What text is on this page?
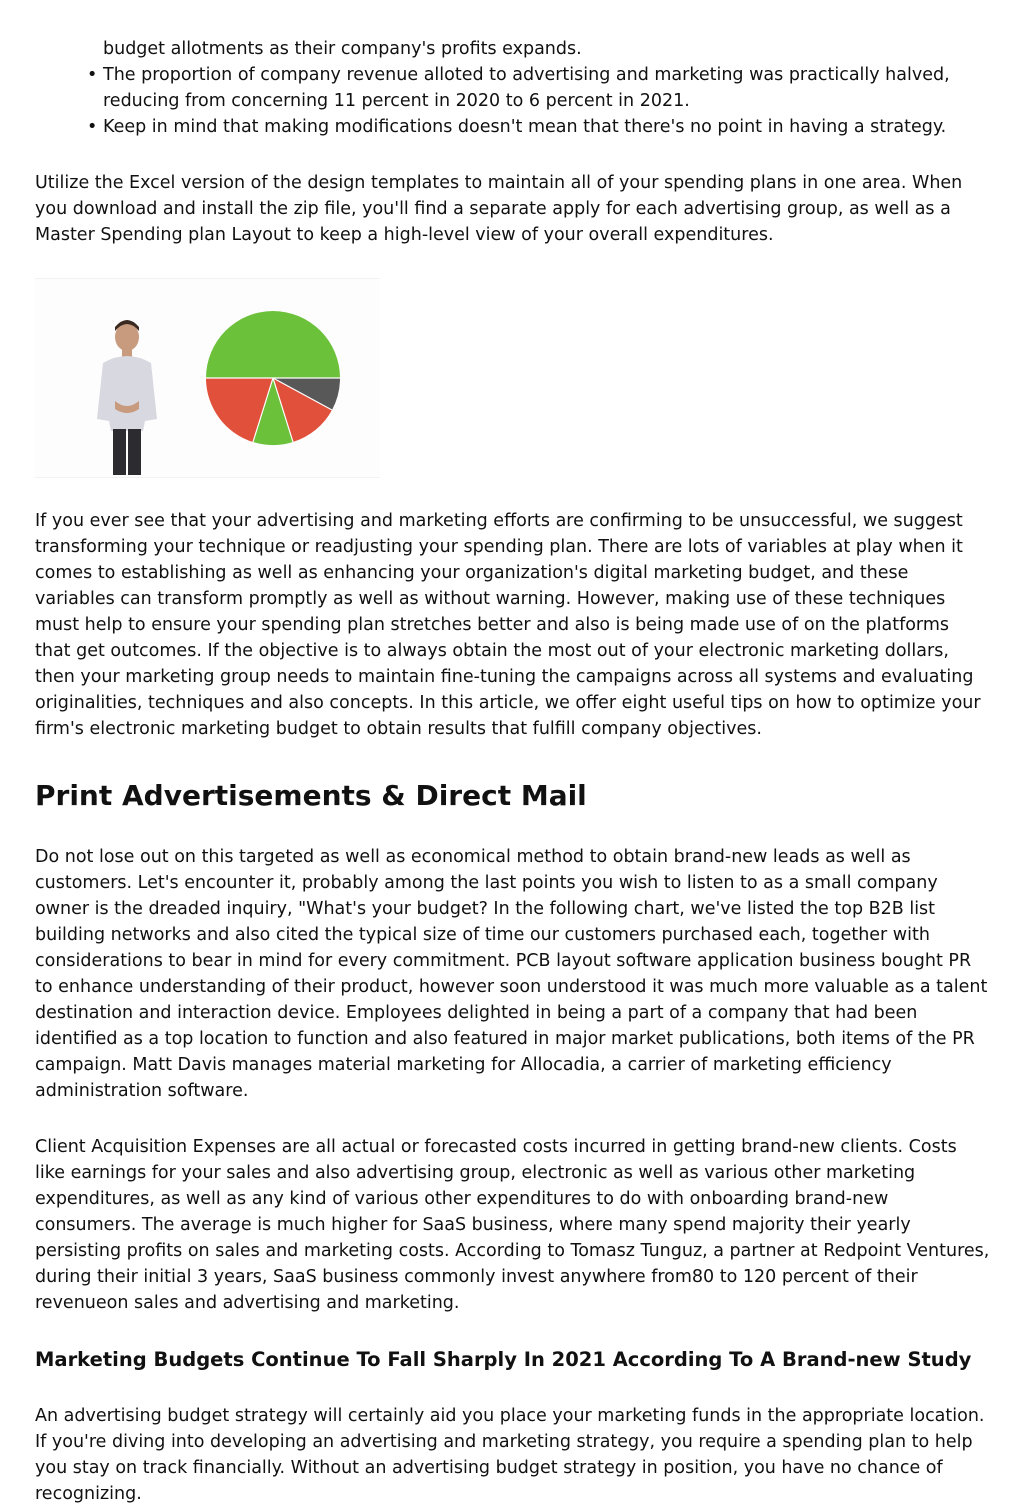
budget allotments as their company's profits expands.
• The proportion of company revenue alloted to advertising and marketing was practically halved, reducing from concerning 11 percent in 2020 to 6 percent in 2021.
• Keep in mind that making modifications doesn't mean that there's no point in having a strategy.

Utilize the Excel version of the design templates to maintain all of your spending plans in one area. When you download and install the zip file, you'll find a separate apply for each advertising group, as well as a Master Spending plan Layout to keep a high-level view of your overall expenditures.

If you ever see that your advertising and marketing efforts are confirming to be unsuccessful, we suggest transforming your technique or readjusting your spending plan. There are lots of variables at play when it comes to establishing as well as enhancing your organization's digital marketing budget, and these variables can transform promptly as well as without warning. However, making use of these techniques must help to ensure your spending plan stretches better and also is being made use of on the platforms that get outcomes. If the objective is to always obtain the most out of your electronic marketing dollars, then your marketing group needs to maintain fine-tuning the campaigns across all systems and evaluating originalities, techniques and also concepts. In this article, we offer eight useful tips on how to optimize your firm's electronic marketing budget to obtain results that fulfill company objectives.

Print Advertisements & Direct Mail

Do not lose out on this targeted as well as economical method to obtain brand-new leads as well as customers. Let's encounter it, probably among the last points you wish to listen to as a small company owner is the dreaded inquiry, "What's your budget? In the following chart, we've listed the top B2B list building networks and also cited the typical size of time our customers purchased each, together with considerations to bear in mind for every commitment. PCB layout software application business bought PR to enhance understanding of their product, however soon understood it was much more valuable as a talent destination and interaction device. Employees delighted in being a part of a company that had been identified as a top location to function and also featured in major market publications, both items of the PR campaign. Matt Davis manages material marketing for Allocadia, a carrier of marketing efficiency administration software.

Client Acquisition Expenses are all actual or forecasted costs incurred in getting brand-new clients. Costs like earnings for your sales and also advertising group, electronic as well as various other marketing expenditures, as well as any kind of various other expenditures to do with onboarding brand-new consumers. The average is much higher for SaaS business, where many spend majority their yearly persisting profits on sales and marketing costs. According to Tomasz Tunguz, a partner at Redpoint Ventures, during their initial 3 years, SaaS business commonly invest anywhere from80 to 120 percent of their revenueon sales and advertising and marketing.

Marketing Budgets Continue To Fall Sharply In 2021 According To A Brand-new Study

An advertising budget strategy will certainly aid you place your marketing funds in the appropriate location. If you're diving into developing an advertising and marketing strategy, you require a spending plan to help you stay on track financially. Without an advertising budget strategy in position, you have no chance of recognizing.
